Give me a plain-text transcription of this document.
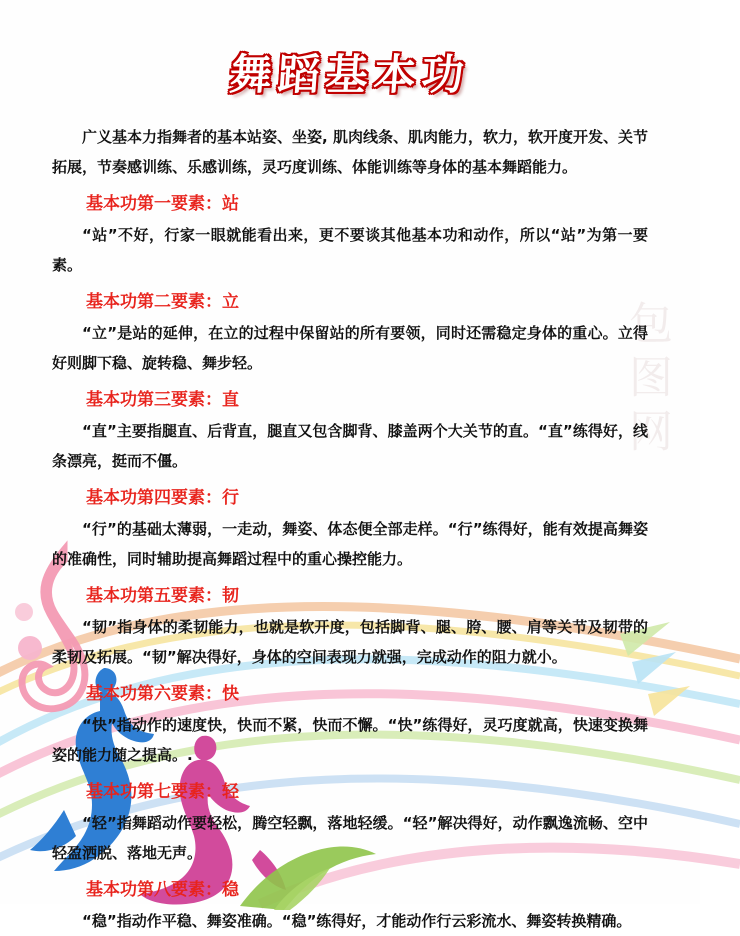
包图网
舞蹈基本功

广义基本力指舞者的基本站姿、坐姿, 肌肉线条、肌肉能力，软力，软开度开发、关节拓展，节奏感训练、乐感训练，灵巧度训练、体能训练等身体的基本舞蹈能力。

基本功第一要素：站

“站”不好，行家一眼就能看出来，更不要谈其他基本功和动作，所以“站”为第一要素。

基本功第二要素：立

“立”是站的延伸，在立的过程中保留站的所有要领，同时还需稳定身体的重心。立得好则脚下稳、旋转稳、舞步轻。

基本功第三要素：直

“直”主要指腿直、后背直，腿直又包含脚背、膝盖两个大关节的直。“直”练得好，线条漂亮，挺而不僵。

基本功第四要素：行

“行”的基础太薄弱，一走动，舞姿、体态便全部走样。“行”练得好，能有效提高舞姿的准确性，同时辅助提高舞蹈过程中的重心操控能力。

基本功第五要素：韧

“韧”指身体的柔韧能力，也就是软开度，包括脚背、腿、胯、腰、肩等关节及韧带的柔韧及拓展。“韧”解决得好，身体的空间表现力就强，完成动作的阻力就小。

基本功第六要素：快

“快”指动作的速度快，快而不紧，快而不懈。“快”练得好，灵巧度就高，快速变换舞姿的能力随之提高。.

基本功第七要素：轻

“轻”指舞蹈动作要轻松，腾空轻飘，落地轻缓。“轻”解决得好，动作飘逸流畅、空中轻盈洒脱、落地无声。

基本功第八要素：稳

“稳”指动作平稳、舞姿准确。“稳”练得好，才能动作行云彩流水、舞姿转换精确。
